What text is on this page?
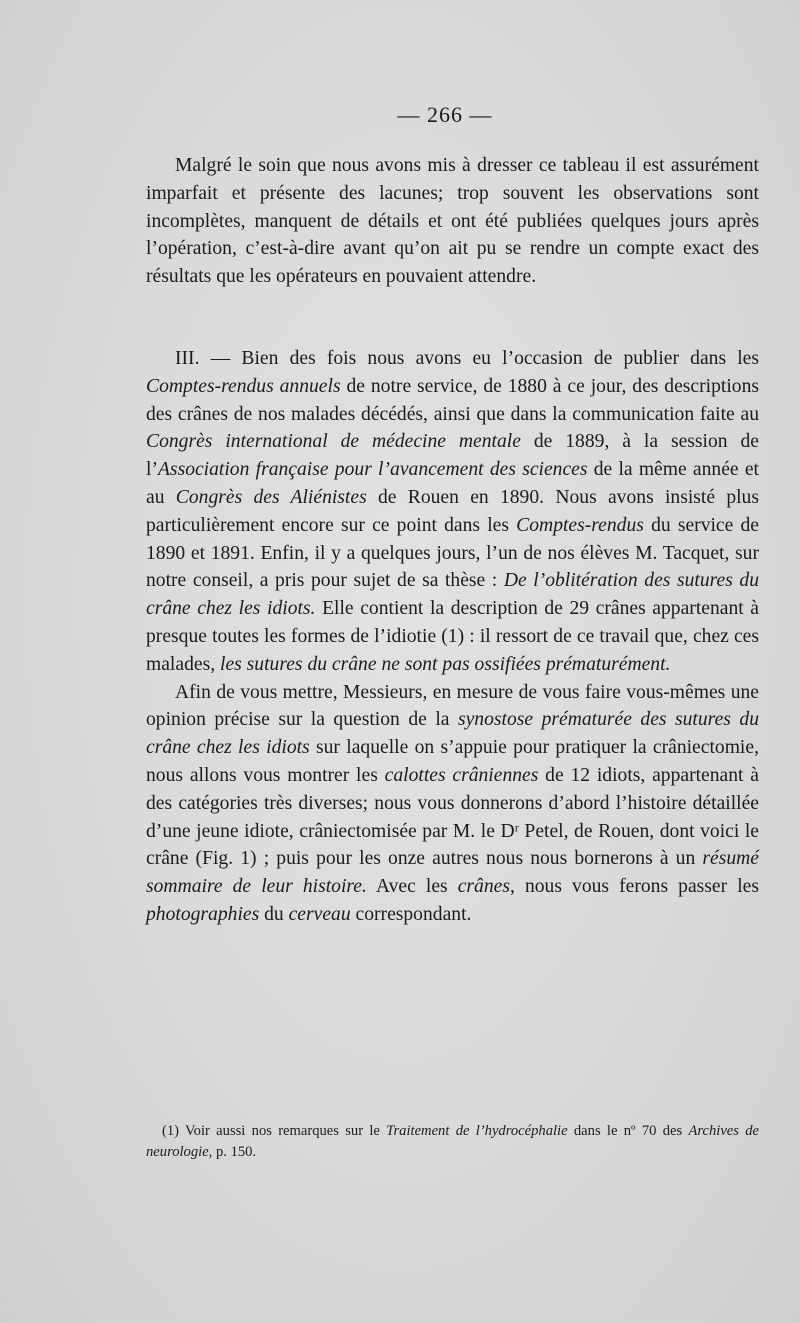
— 266 —

Malgré le soin que nous avons mis à dresser ce tableau il est assurément imparfait et présente des lacunes; trop souvent les observations sont incomplètes, manquent de détails et ont été publiées quelques jours après l’opération, c’est-à-dire avant qu’on ait pu se rendre un compte exact des résultats que les opérateurs en pouvaient attendre.

III. — Bien des fois nous avons eu l’occasion de publier dans les Comptes-rendus annuels de notre service, de 1880 à ce jour, des descriptions des crânes de nos malades décédés, ainsi que dans la communication faite au Congrès international de médecine mentale de 1889, à la session de l’Association française pour l’avancement des sciences de la même année et au Congrès des Aliénistes de Rouen en 1890. Nous avons insisté plus particulièrement encore sur ce point dans les Comptes-rendus du service de 1890 et 1891. Enfin, il y a quelques jours, l’un de nos élèves M. Tacquet, sur notre conseil, a pris pour sujet de sa thèse : De l’oblitération des sutures du crâne chez les idiots. Elle contient la description de 29 crânes appartenant à presque toutes les formes de l’idiotie (1) : il ressort de ce travail que, chez ces malades, les sutures du crâne ne sont pas ossifiées prématurément.

Afin de vous mettre, Messieurs, en mesure de vous faire vous-mêmes une opinion précise sur la question de la synostose prématurée des sutures du crâne chez les idiots sur laquelle on s’appuie pour pratiquer la crâniectomie, nous allons vous montrer les calottes crâniennes de 12 idiots, appartenant à des catégories très diverses; nous vous donnerons d’abord l’histoire détaillée d’une jeune idiote, crâniectomisée par M. le Dʳ Petel, de Rouen, dont voici le crâne (Fig. 1) ; puis pour les onze autres nous nous bornerons à un résumé sommaire de leur histoire. Avec les crânes, nous vous ferons passer les photographies du cerveau correspondant.

(1) Voir aussi nos remarques sur le Traitement de l’hydrocéphalie dans le nº 70 des Archives de neurologie, p. 150.
